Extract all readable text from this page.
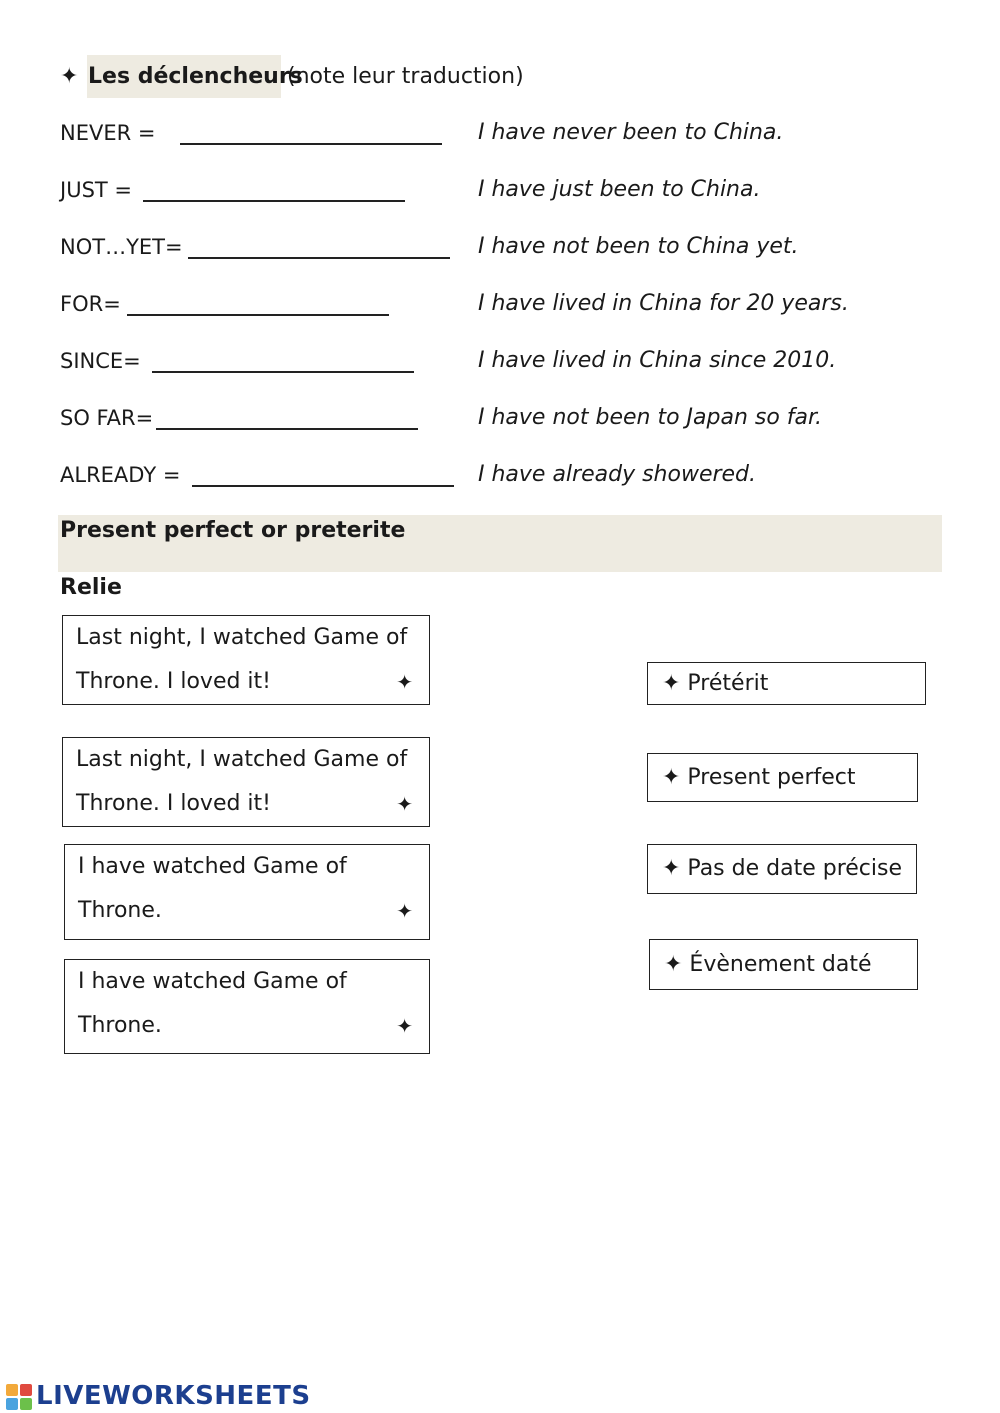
✦ Les déclencheurs
(note leur traduction)
NEVER =	I have never been to China.
JUST =	I have just been to China.
NOT…YET=	I have not been to China yet.
FOR=	I have lived in China for 20 years.
SINCE=	I have lived in China since 2010.
SO FAR=	I have not been to Japan so far.
ALREADY =	I have already showered.
Present perfect or preterite
Relie
Last night, I watched Game of
Throne. I loved it!	✦
Last night, I watched Game of
Throne. I loved it!	✦
I have watched Game of
Throne.	✦
I have watched Game of
Throne.	✦
✦ Prétérit
✦ Present perfect
✦ Pas de date précise
✦ Évènement daté
LIVEWORKSHEETS
